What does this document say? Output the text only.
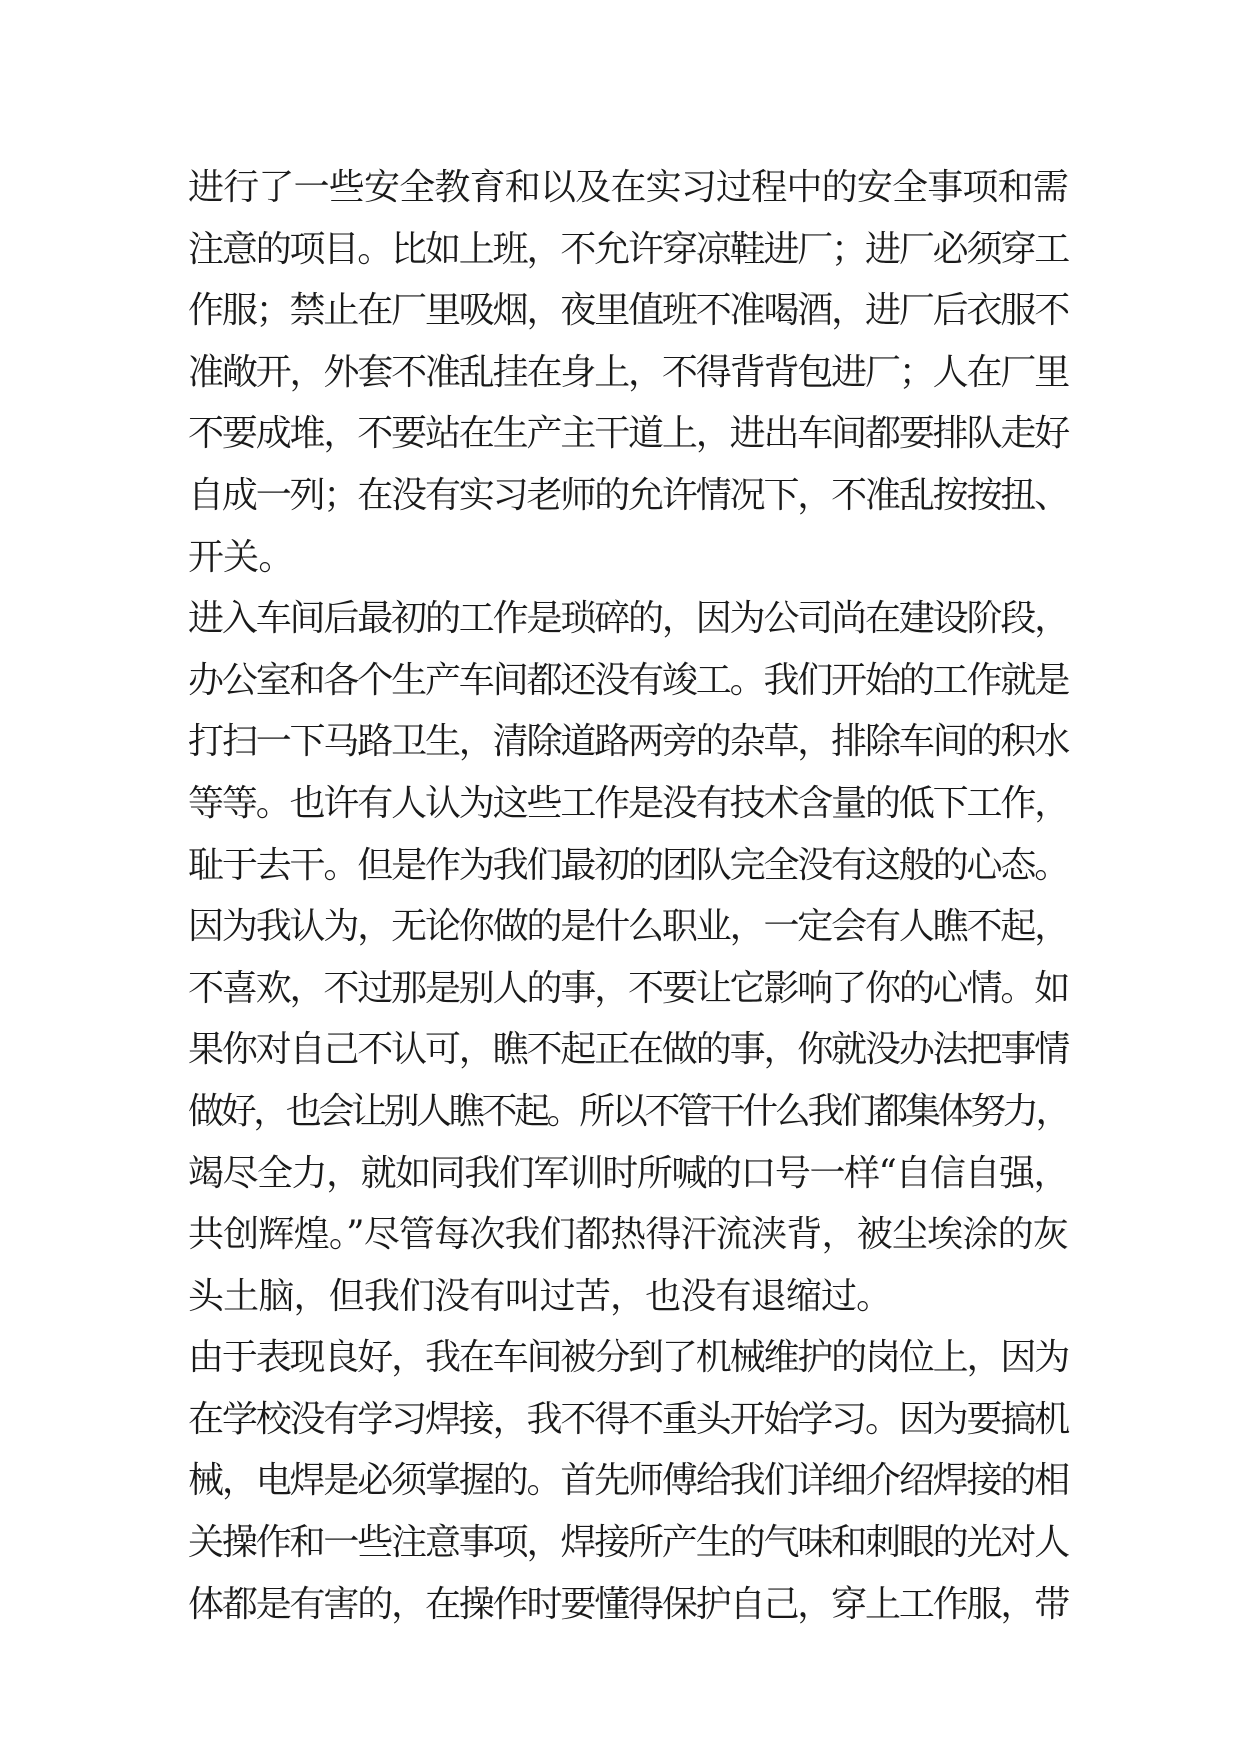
进行了一些安全教育和以及在实习过程中的安全事项和需
注意的项目。比如上班，不允许穿凉鞋进厂；进厂必须穿工
作服；禁止在厂里吸烟，夜里值班不准喝酒，进厂后衣服不
准敞开，外套不准乱挂在身上，不得背背包进厂；人在厂里
不要成堆，不要站在生产主干道上，进出车间都要排队走好
自成一列；在没有实习老师的允许情况下，不准乱按按扭、
开关。
进入车间后最初的工作是琐碎的，因为公司尚在建设阶段，
办公室和各个生产车间都还没有竣工。我们开始的工作就是
打扫一下马路卫生，清除道路两旁的杂草，排除车间的积水
等等。也许有人认为这些工作是没有技术含量的低下工作，
耻于去干。但是作为我们最初的团队完全没有这般的心态。
因为我认为，无论你做的是什么职业，一定会有人瞧不起，
不喜欢，不过那是别人的事，不要让它影响了你的心情。如
果你对自己不认可，瞧不起正在做的事，你就没办法把事情
做好，也会让别人瞧不起。所以不管干什么我们都集体努力，
竭尽全力，就如同我们军训时所喊的口号一样“自信自强，
共创辉煌。”尽管每次我们都热得汗流浃背，被尘埃涂的灰
头土脑，但我们没有叫过苦，也没有退缩过。
由于表现良好，我在车间被分到了机械维护的岗位上，因为
在学校没有学习焊接，我不得不重头开始学习。因为要搞机
械，电焊是必须掌握的。首先师傅给我们详细介绍焊接的相
关操作和一些注意事项，焊接所产生的气味和刺眼的光对人
体都是有害的，在操作时要懂得保护自己，穿上工作服，带
